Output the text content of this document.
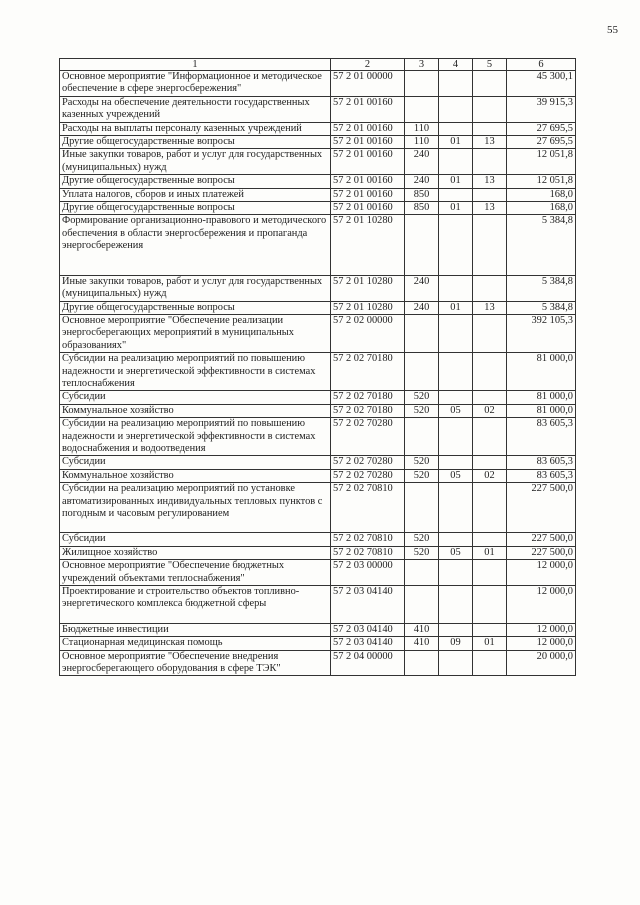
55
1	2	3	4	5	6
Основное мероприятие "Информационное и методическое обеспечение в сфере энергосбережения"	57 2 01 00000				45 300,1
Расходы на обеспечение деятельности государственных казенных учреждений	57 2 01 00160				39 915,3
Расходы на выплаты персоналу казенных учреждений	57 2 01 00160	110			27 695,5
Другие общегосударственные вопросы	57 2 01 00160	110	01	13	27 695,5
Иные закупки товаров, работ и услуг для государственных (муниципальных) нужд	57 2 01 00160	240			12 051,8
Другие общегосударственные вопросы	57 2 01 00160	240	01	13	12 051,8
Уплата налогов, сборов и иных платежей	57 2 01 00160	850			168,0
Другие общегосударственные вопросы	57 2 01 00160	850	01	13	168,0
Формирование организационно-правового и методического обеспечения в области энергосбережения и пропаганда энергосбережения	57 2 01 10280				5 384,8
Иные закупки товаров, работ и услуг для государственных (муниципальных) нужд	57 2 01 10280	240			5 384,8
Другие общегосударственные вопросы	57 2 01 10280	240	01	13	5 384,8
Основное мероприятие "Обеспечение реализации энергосберегающих мероприятий в муниципальных образованиях"	57 2 02 00000				392 105,3
Субсидии на реализацию мероприятий по повышению надежности и энергетической эффективности в системах теплоснабжения	57 2 02 70180				81 000,0
Субсидии	57 2 02 70180	520			81 000,0
Коммунальное хозяйство	57 2 02 70180	520	05	02	81 000,0
Субсидии на реализацию мероприятий по повышению надежности и энергетической эффективности в системах водоснабжения и водоотведения	57 2 02 70280				83 605,3
Субсидии	57 2 02 70280	520			83 605,3
Коммунальное хозяйство	57 2 02 70280	520	05	02	83 605,3
Субсидии на реализацию мероприятий по установке автоматизированных индивидуальных тепловых пунктов с погодным и часовым регулированием	57 2 02 70810				227 500,0
Субсидии	57 2 02 70810	520			227 500,0
Жилищное хозяйство	57 2 02 70810	520	05	01	227 500,0
Основное мероприятие "Обеспечение бюджетных учреждений объектами теплоснабжения"	57 2 03 00000				12 000,0
Проектирование и строительство объектов топливно-энергетического комплекса бюджетной сферы	57 2 03 04140				12 000,0
Бюджетные инвестиции	57 2 03 04140	410			12 000,0
Стационарная медицинская помощь	57 2 03 04140	410	09	01	12 000,0
Основное мероприятие "Обеспечение внедрения энергосберегающего оборудования в сфере ТЭК"	57 2 04 00000				20 000,0
